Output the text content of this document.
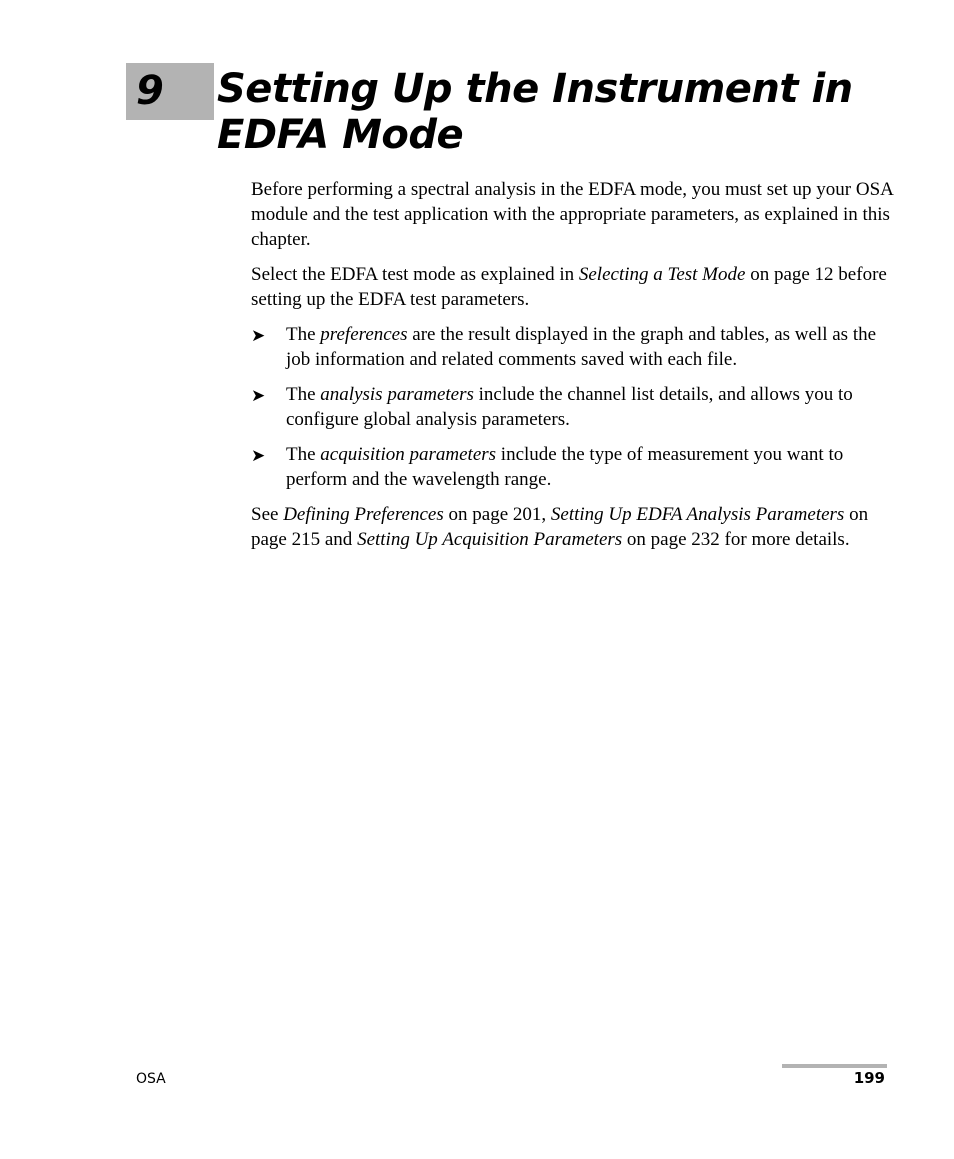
9 Setting Up the Instrument in EDFA Mode

Before performing a spectral analysis in the EDFA mode, you must set up your OSA module and the test application with the appropriate parameters, as explained in this chapter.

Select the EDFA test mode as explained in Selecting a Test Mode on page 12 before setting up the EDFA test parameters.

➤ The preferences are the result displayed in the graph and tables, as well as the job information and related comments saved with each file.
➤ The analysis parameters include the channel list details, and allows you to configure global analysis parameters.
➤ The acquisition parameters include the type of measurement you want to perform and the wavelength range.

See Defining Preferences on page 201, Setting Up EDFA Analysis Parameters on page 215 and Setting Up Acquisition Parameters on page 232 for more details.

OSA	199
